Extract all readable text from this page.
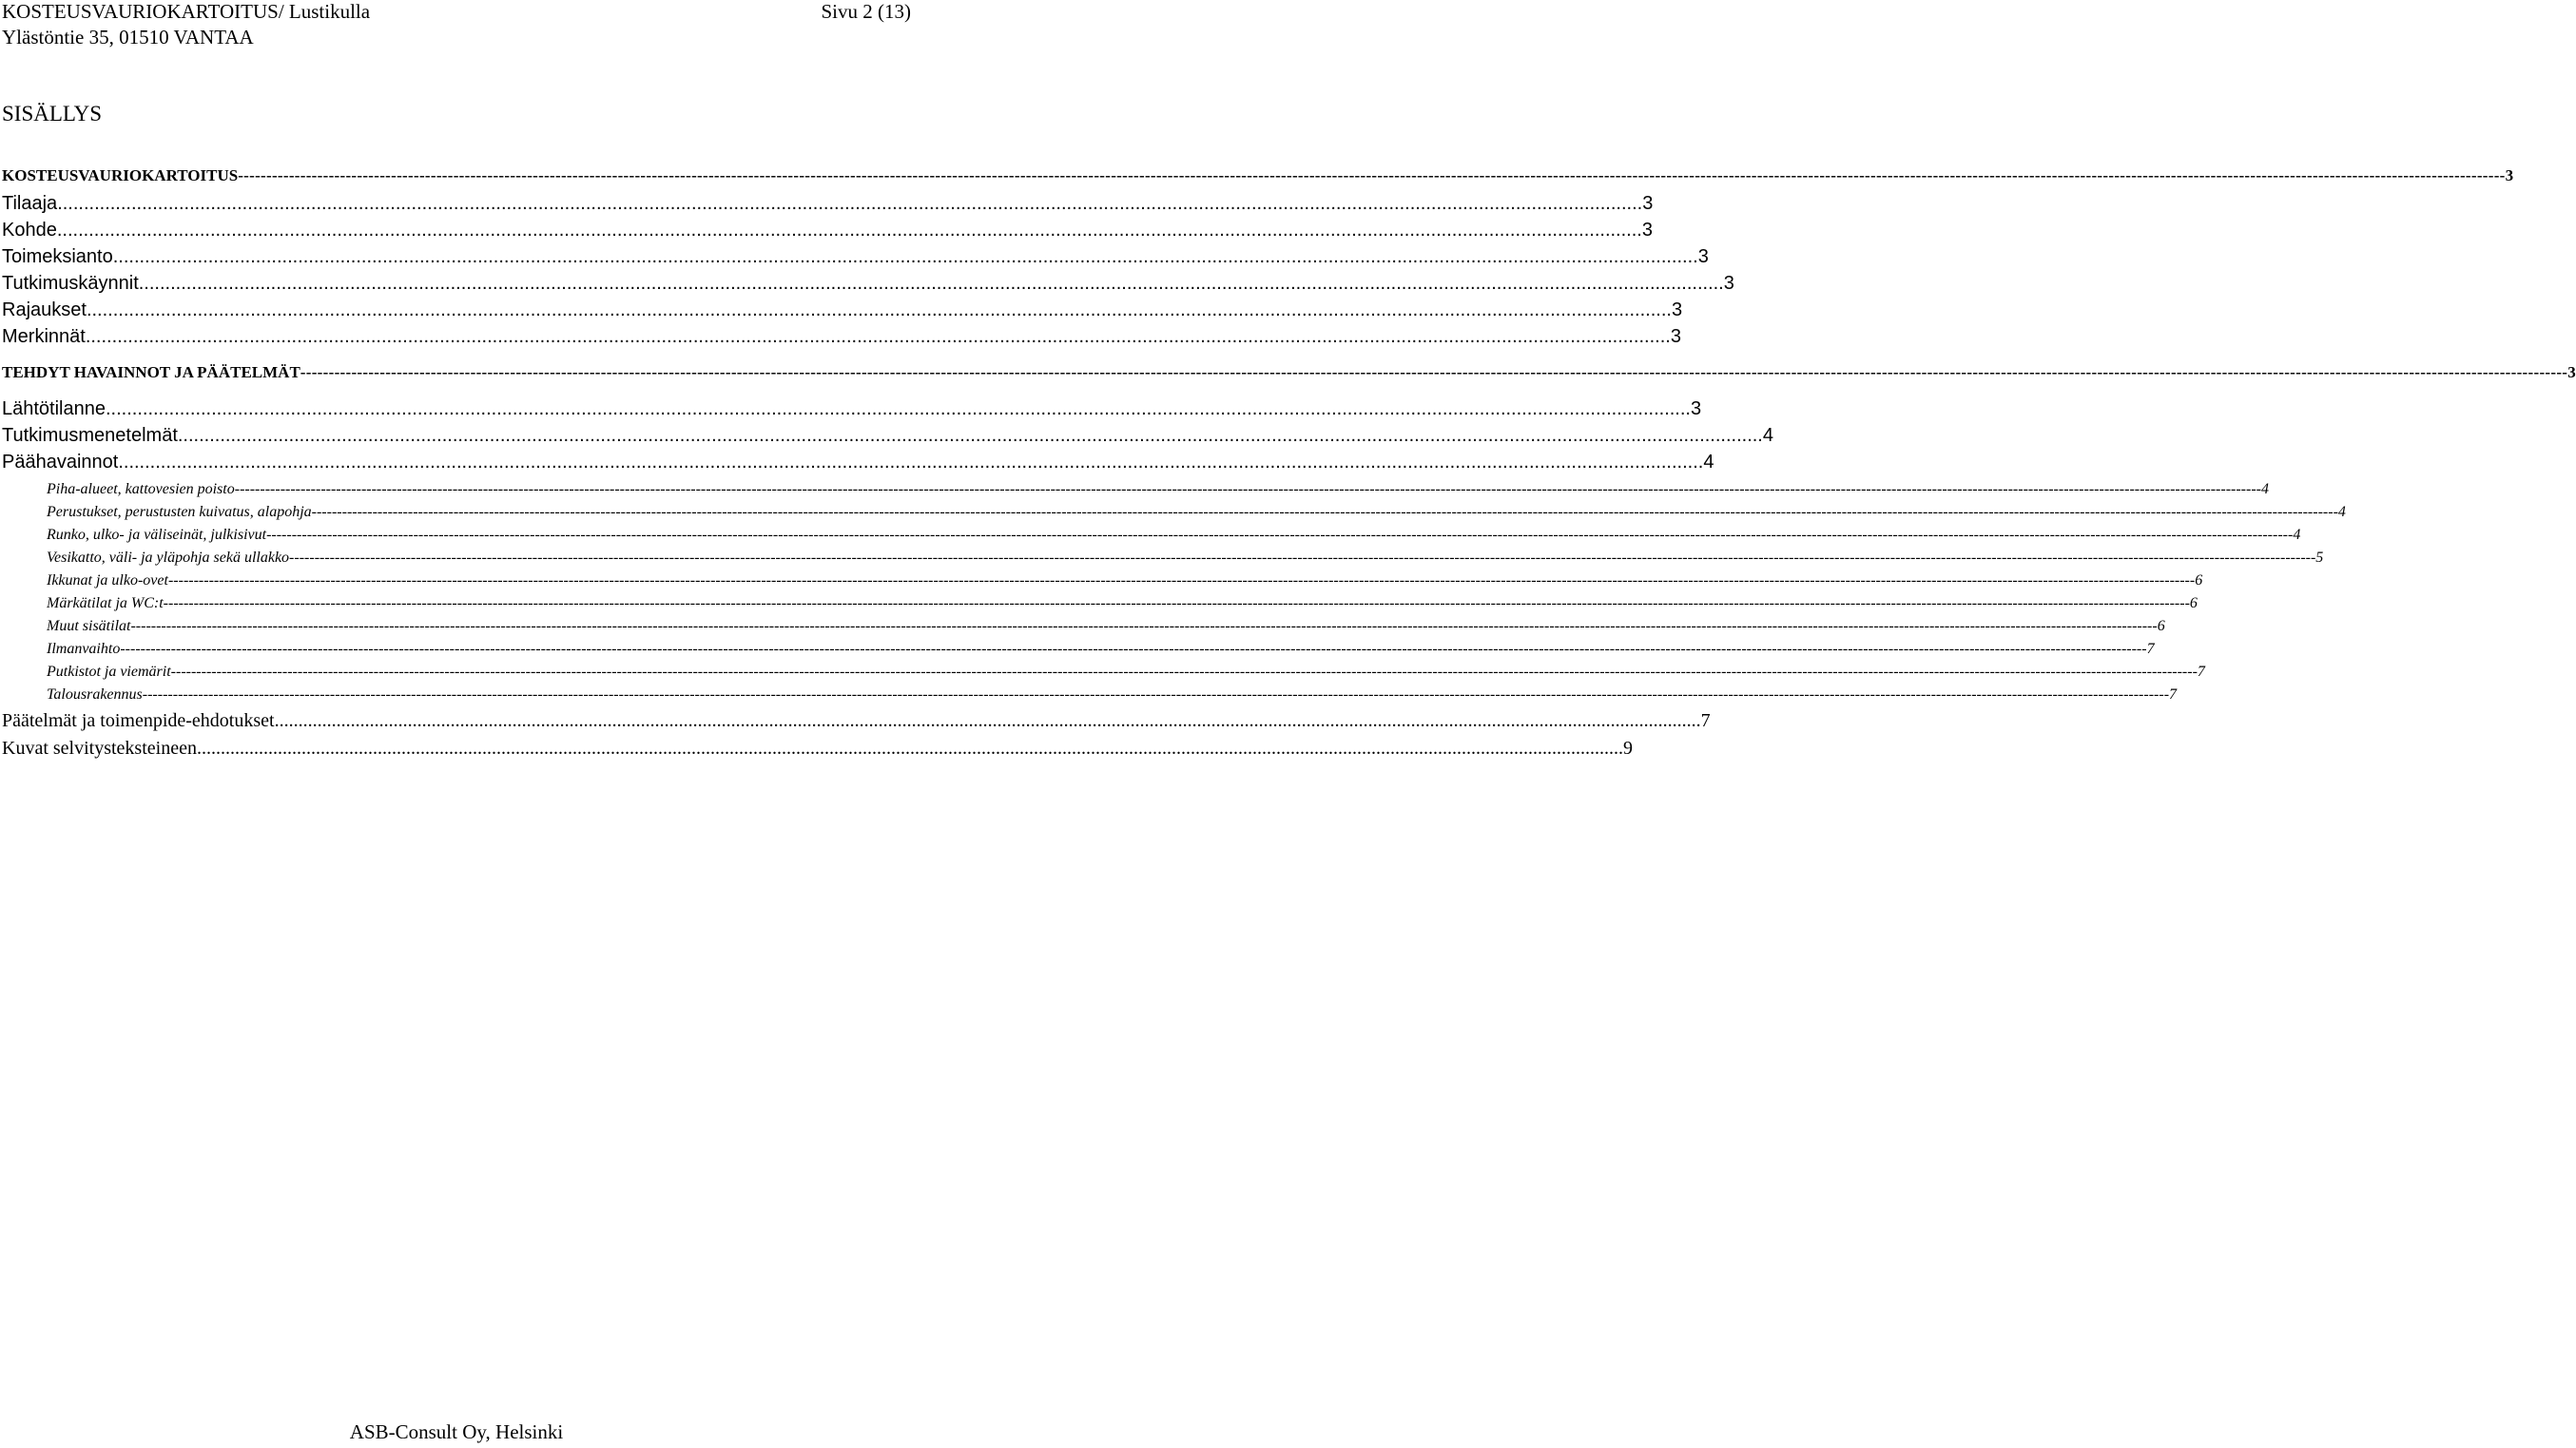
KOSTEUSVAURIOKARTOITUS/ Lustikulla
Ylästöntie 35, 01510 VANTAA
Sivu 2 (13)
SISÄLLYS
KOSTEUSVAURIOKARTOITUS ---------------------------------------------------------------------------------------------------------------------------------------------------------------------------------------------------------------------------------------------------------------------------------------------------------------------------------------------------------------------------------------------------------------- 3
Tilaaja ............................................................................................................................................................................................................................................................................................................ 3
Kohde ............................................................................................................................................................................................................................................................................................................ 3
Toimeksianto ............................................................................................................................................................................................................................................................................................................ 3
Tutkimuskäynnit ............................................................................................................................................................................................................................................................................................................ 3
Rajaukset ............................................................................................................................................................................................................................................................................................................ 3
Merkinnät ............................................................................................................................................................................................................................................................................................................ 3
TEHDYT HAVAINNOT JA PÄÄTELMÄT ---------------------------------------------------------------------------------------------------------------------------------------------------------------------------------------------------------------------------------------------------------------------------------------------------------------------------------------------------------------------------------------------------------------- 3
Lähtötilanne ............................................................................................................................................................................................................................................................................................................ 3
Tutkimusmenetelmät ............................................................................................................................................................................................................................................................................................................ 4
Päähavainnot ............................................................................................................................................................................................................................................................................................................ 4
Piha-alueet, kattovesien poisto ---------------------------------------------------------------------------------------------------------------------------------------------------------------------------------------------------------------------------------------------------------------------------------------------------------------------------------------------------------------------------------------------------------------- 4
Perustukset, perustusten kuivatus, alapohja ---------------------------------------------------------------------------------------------------------------------------------------------------------------------------------------------------------------------------------------------------------------------------------------------------------------------------------------------------------------------------------------------------------------- 4
Runko, ulko- ja väliseinät, julkisivut ---------------------------------------------------------------------------------------------------------------------------------------------------------------------------------------------------------------------------------------------------------------------------------------------------------------------------------------------------------------------------------------------------------------- 4
Vesikatto, väli- ja yläpohja sekä ullakko ---------------------------------------------------------------------------------------------------------------------------------------------------------------------------------------------------------------------------------------------------------------------------------------------------------------------------------------------------------------------------------------------------------------- 5
Ikkunat ja ulko-ovet ---------------------------------------------------------------------------------------------------------------------------------------------------------------------------------------------------------------------------------------------------------------------------------------------------------------------------------------------------------------------------------------------------------------- 6
Märkätilat ja WC:t ---------------------------------------------------------------------------------------------------------------------------------------------------------------------------------------------------------------------------------------------------------------------------------------------------------------------------------------------------------------------------------------------------------------- 6
Muut sisätilat ---------------------------------------------------------------------------------------------------------------------------------------------------------------------------------------------------------------------------------------------------------------------------------------------------------------------------------------------------------------------------------------------------------------- 6
Ilmanvaihto ---------------------------------------------------------------------------------------------------------------------------------------------------------------------------------------------------------------------------------------------------------------------------------------------------------------------------------------------------------------------------------------------------------------- 7
Putkistot ja viemärit ---------------------------------------------------------------------------------------------------------------------------------------------------------------------------------------------------------------------------------------------------------------------------------------------------------------------------------------------------------------------------------------------------------------- 7
Talousrakennus ---------------------------------------------------------------------------------------------------------------------------------------------------------------------------------------------------------------------------------------------------------------------------------------------------------------------------------------------------------------------------------------------------------------- 7
Päätelmät ja toimenpide-ehdotukset ............................................................................................................................................................................................................................................................................................................ 7
Kuvat selvitysteksteineen ............................................................................................................................................................................................................................................................................................................ 9
ASB-Consult Oy, Helsinki
